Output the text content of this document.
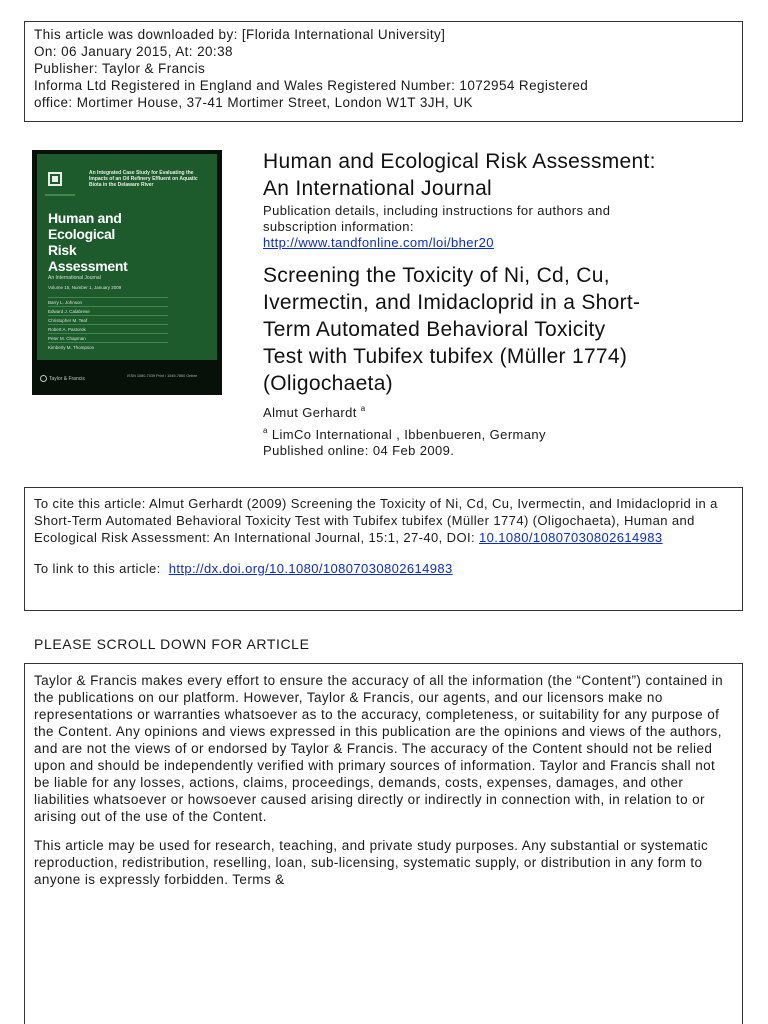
This article was downloaded by: [Florida International University]
On: 06 January 2015, At: 20:38
Publisher: Taylor & Francis
Informa Ltd Registered in England and Wales Registered Number: 1072954 Registered
office: Mortimer House, 37-41 Mortimer Street, London W1T 3JH, UK
An Integrated Case Study for Evaluating the Impacts of an Oil Refinery Effluent on Aquatic Biota in the Delaware River
Human and
Ecological
Risk
Assessment
An International Journal
Volume 15, Number 1, January 2009
Barry L. Johnson
Edward J. Calabrese
Christopher M. Teaf
Robert A. Pastorok
Peter M. Chapman
Kimberly M. Thompson
Taylor & Francis	ISSN 1080-7039 Print / 1549-7860 Online
Human and Ecological Risk Assessment:
An International Journal
Publication details, including instructions for authors and
subscription information:
http://www.tandfonline.com/loi/bher20
Screening the Toxicity of Ni, Cd, Cu,
Ivermectin, and Imidacloprid in a Short-
Term Automated Behavioral Toxicity
Test with Tubifex tubifex (Müller 1774)
(Oligochaeta)
Almut Gerhardt $^a$
$^a$ LimCo International , Ibbenbueren, Germany
Published online: 04 Feb 2009.

To cite this article: Almut Gerhardt (2009) Screening the Toxicity of Ni, Cd, Cu, Ivermectin, and Imidacloprid in a Short-Term Automated Behavioral Toxicity Test with Tubifex tubifex (Müller 1774) (Oligochaeta), Human and Ecological Risk Assessment: An International Journal, 15:1, 27-40, DOI: 10.1080/10807030802614983

To link to this article: http://dx.doi.org/10.1080/10807030802614983

PLEASE SCROLL DOWN FOR ARTICLE

Taylor & Francis makes every effort to ensure the accuracy of all the information (the “Content”) contained in the publications on our platform. However, Taylor & Francis, our agents, and our licensors make no representations or warranties whatsoever as to the accuracy, completeness, or suitability for any purpose of the Content. Any opinions and views expressed in this publication are the opinions and views of the authors, and are not the views of or endorsed by Taylor & Francis. The accuracy of the Content should not be relied upon and should be independently verified with primary sources of information. Taylor and Francis shall not be liable for any losses, actions, claims, proceedings, demands, costs, expenses, damages, and other liabilities whatsoever or howsoever caused arising directly or indirectly in connection with, in relation to or arising out of the use of the Content.

This article may be used for research, teaching, and private study purposes. Any substantial or systematic reproduction, redistribution, reselling, loan, sub-licensing, systematic supply, or distribution in any form to anyone is expressly forbidden. Terms &
